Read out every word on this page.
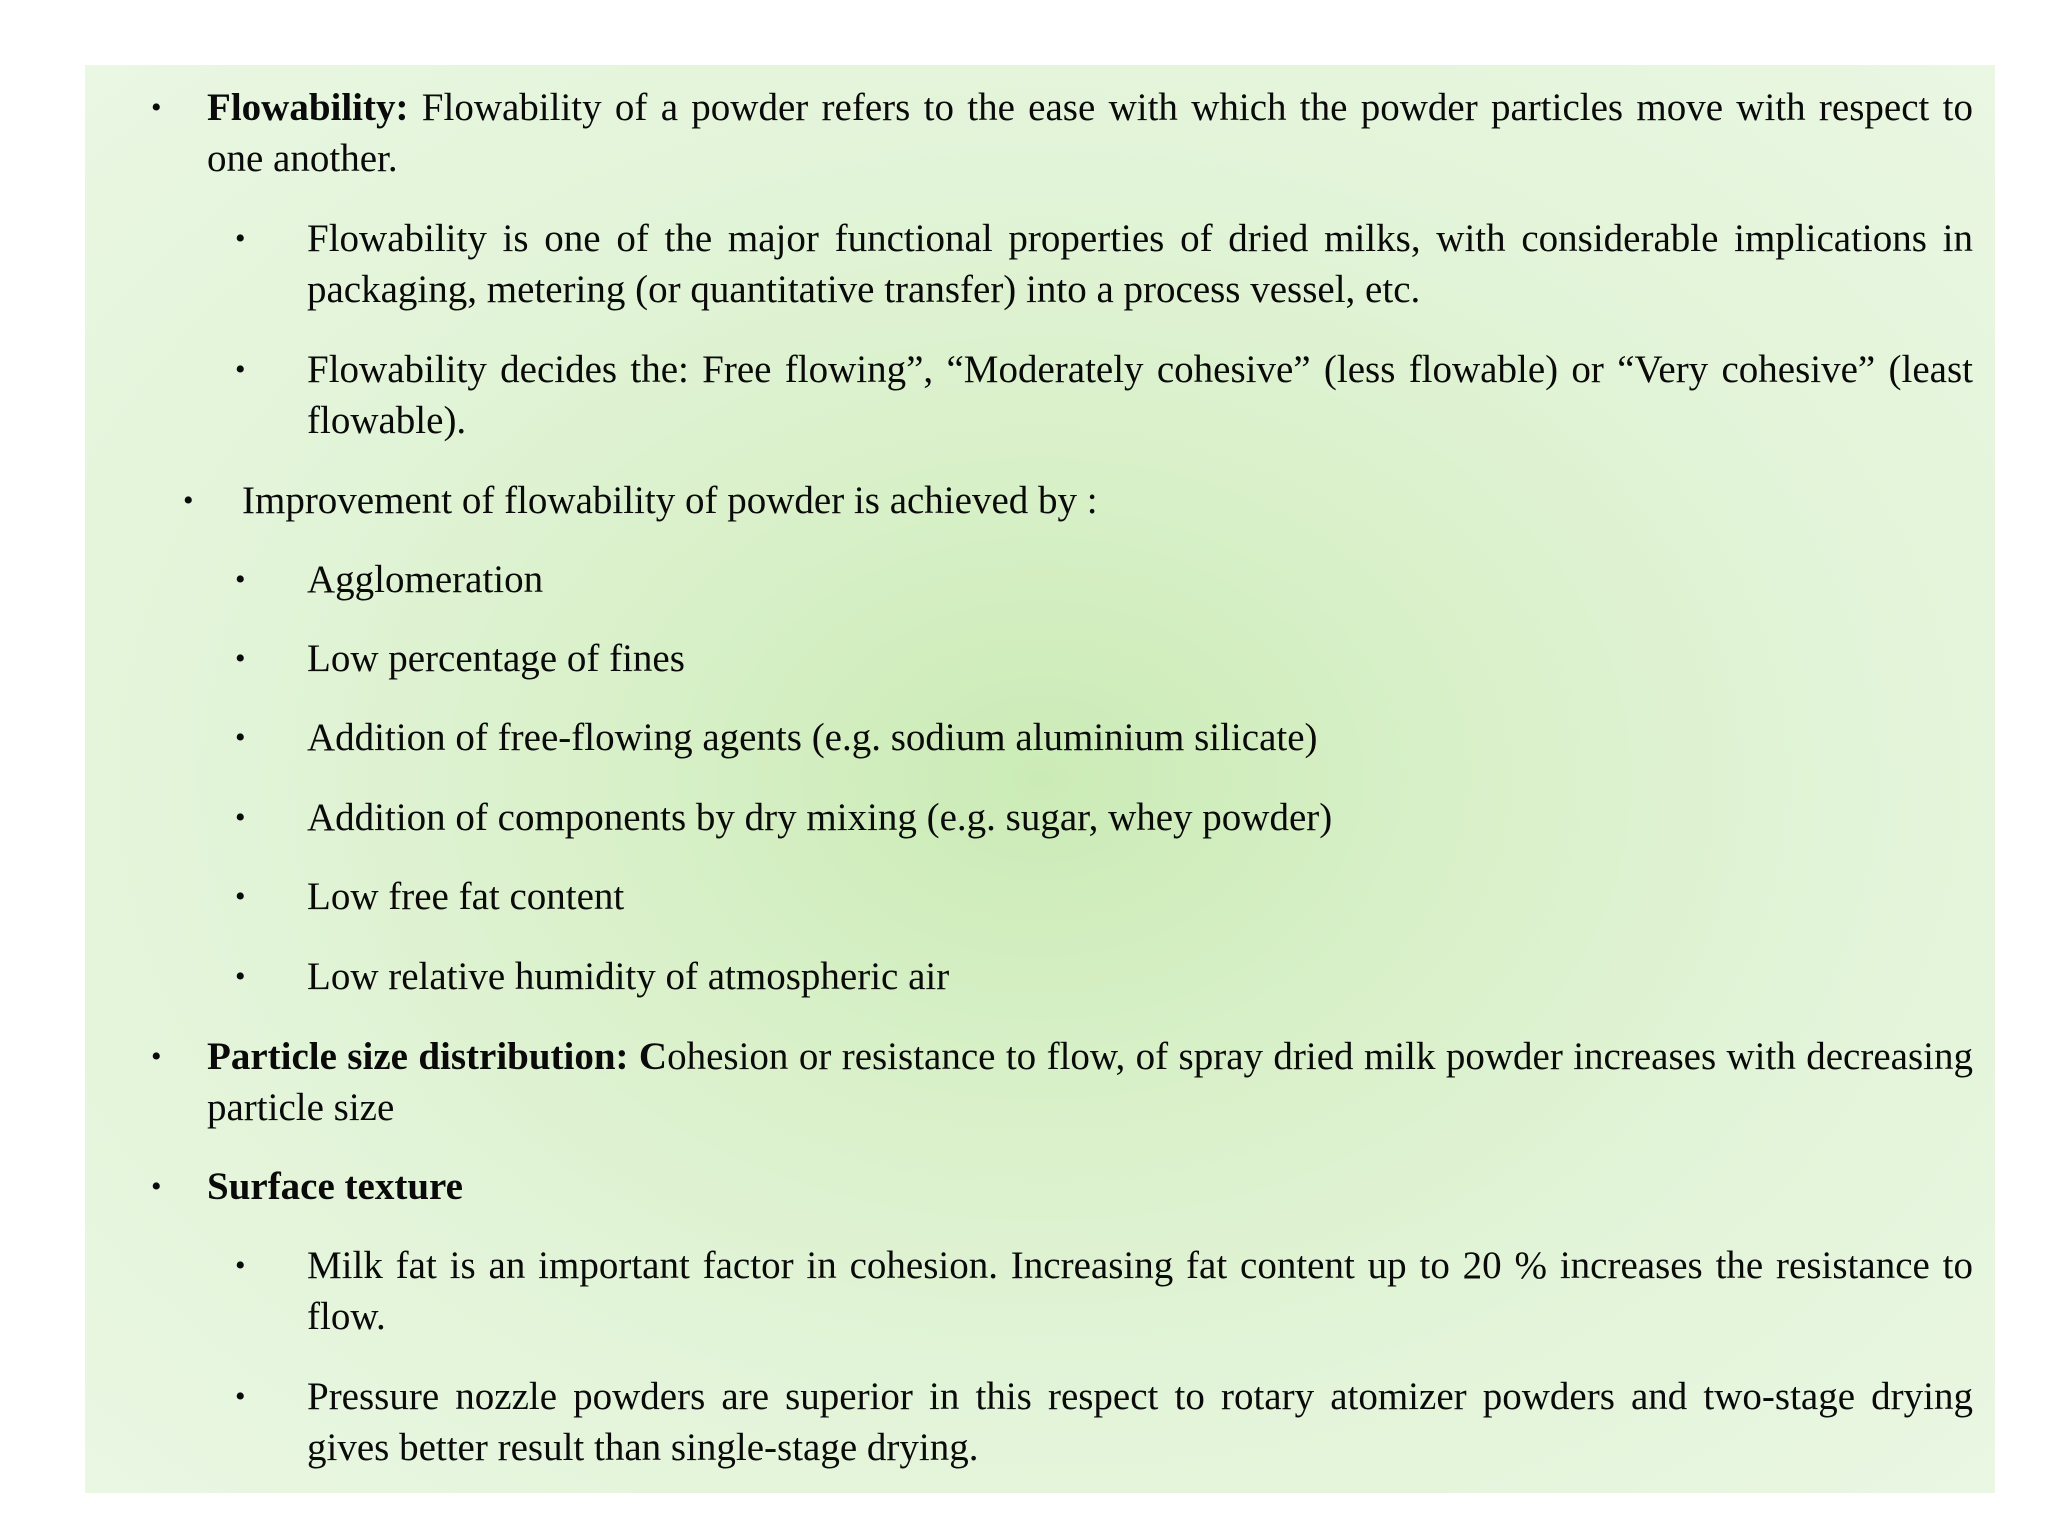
• Flowability: Flowability of a powder refers to the ease with which the powder particles move with respect to one another.
• Flowability is one of the major functional properties of dried milks, with considerable implications in packaging, metering (or quantitative transfer) into a process vessel, etc.
• Flowability decides the: Free flowing”, “Moderately cohesive” (less flowable) or “Very cohesive” (least flowable).
• Improvement of flowability of powder is achieved by :
• Agglomeration
• Low percentage of fines
• Addition of free-flowing agents (e.g. sodium aluminium silicate)
• Addition of components by dry mixing (e.g. sugar, whey powder)
• Low free fat content
• Low relative humidity of atmospheric air
• Particle size distribution: Cohesion or resistance to flow, of spray dried milk powder increases with decreasing particle size
• Surface texture
• Milk fat is an important factor in cohesion. Increasing fat content up to 20 % increases the resistance to flow.
• Pressure nozzle powders are superior in this respect to rotary atomizer powders and two-stage drying gives better result than single-stage drying.
